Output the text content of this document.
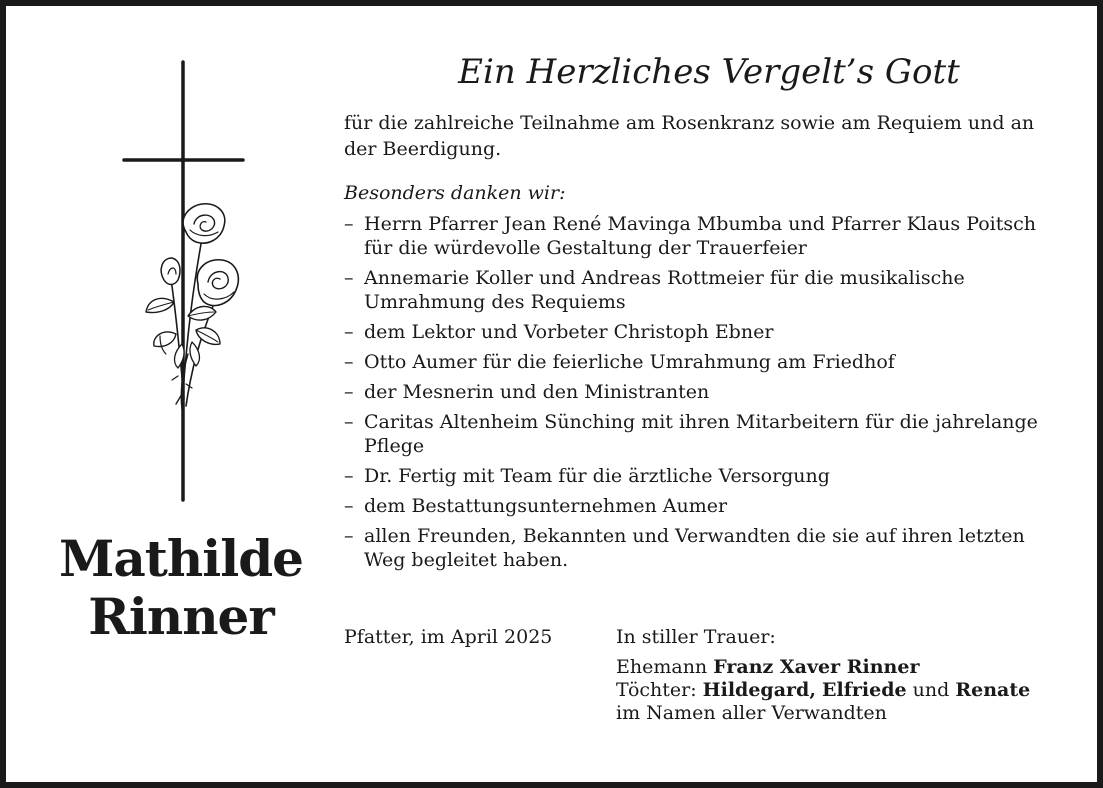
Mathilde
Rinner
Ein Herzliches Vergelt’s Gott
für die zahlreiche Teilnahme am Rosenkranz sowie am Requiem und an der Beerdigung.
Besonders danken wir:
– Herrn Pfarrer Jean René Mavinga Mbumba und Pfarrer Klaus Poitsch für die würdevolle Gestaltung der Trauerfeier
– Annemarie Koller und Andreas Rottmeier für die musikalische Umrahmung des Requiems
– dem Lektor und Vorbeter Christoph Ebner
– Otto Aumer für die feierliche Umrahmung am Friedhof
– der Mesnerin und den Ministranten
– Caritas Altenheim Sünching mit ihren Mitarbeitern für die jahrelange Pflege
– Dr. Fertig mit Team für die ärztliche Versorgung
– dem Bestattungsunternehmen Aumer
– allen Freunden, Bekannten und Verwandten die sie auf ihren letzten Weg begleitet haben.
Pfatter, im April 2025	In stiller Trauer:
Ehemann Franz Xaver Rinner
Töchter: Hildegard, Elfriede und Renate
im Namen aller Verwandten
